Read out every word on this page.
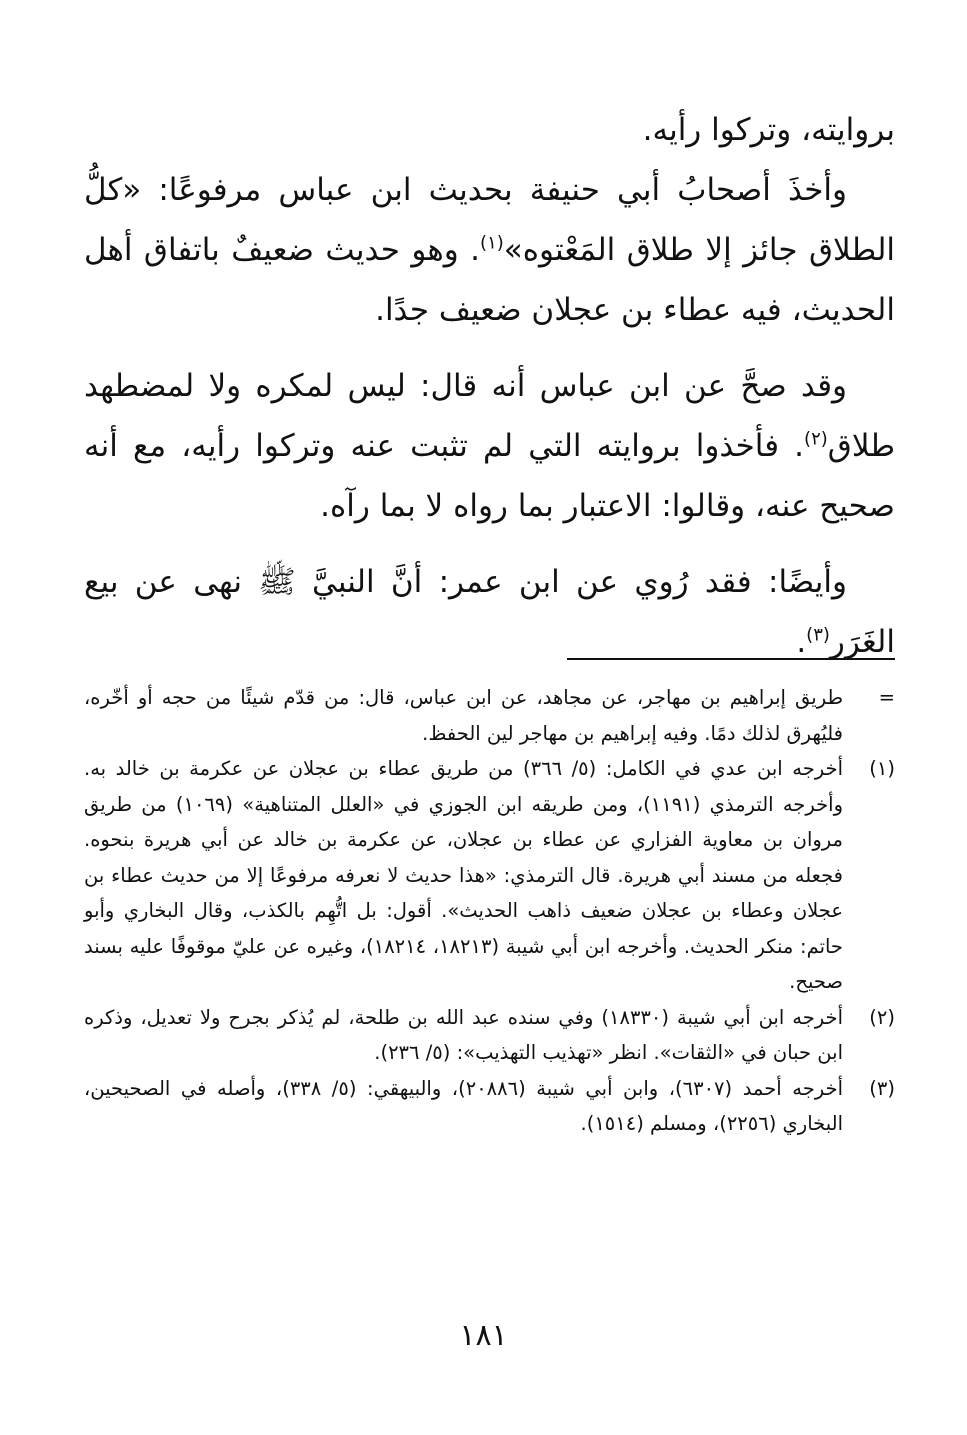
بروايته، وتركوا رأيه.

وأخذَ أصحابُ أبي حنيفة بحديث ابن عباس مرفوعًا: «كلُّ الطلاق جائز إلا طلاق المَعْتوه»$^{(١)}$. وهو حديث ضعيفٌ باتفاق أهل الحديث، فيه عطاء بن عجلان ضعيف جدًا.

وقد صحَّ عن ابن عباس أنه قال: ليس لمكره ولا لمضطهد طلاق$^{(٢)}$. فأخذوا بروايته التي لم تثبت عنه وتركوا رأيه، مع أنه صحيح عنه، وقالوا: الاعتبار بما رواه لا بما رآه.

وأيضًا: فقد رُوي عن ابن عمر: أنَّ النبيَّ ﷺ نهى عن بيع الغَرَر$^{(٣)}$.

=
طريق إبراهيم بن مهاجر، عن مجاهد، عن ابن عباس، قال: من قدّم شيئًا من حجه أو أخّره، فليُهرق لذلك دمًا. وفيه إبراهيم بن مهاجر لين الحفظ.
(١)
أخرجه ابن عدي في الكامل: (٥/ ٣٦٦) من طريق عطاء بن عجلان عن عكرمة بن خالد به. وأخرجه الترمذي (١١٩١)، ومن طريقه ابن الجوزي في «العلل المتناهية» (١٠٦٩) من طريق مروان بن معاوية الفزاري عن عطاء بن عجلان، عن عكرمة بن خالد عن أبي هريرة بنحوه. فجعله من مسند أبي هريرة. قال الترمذي: «هذا حديث لا نعرفه مرفوعًا إلا من حديث عطاء بن عجلان وعطاء بن عجلان ضعيف ذاهب الحديث». أقول: بل اتُّهِم بالكذب، وقال البخاري وأبو حاتم: منكر الحديث. وأخرجه ابن أبي شيبة (١٨٢١٣، ١٨٢١٤)، وغيره عن عليّ موقوفًا عليه بسند صحيح.
(٢)
أخرجه ابن أبي شيبة (١٨٣٣٠) وفي سنده عبد الله بن طلحة، لم يُذكر بجرح ولا تعديل، وذكره ابن حبان في «الثقات». انظر «تهذيب التهذيب»: (٥/ ٢٣٦).
(٣)
أخرجه أحمد (٦٣٠٧)، وابن أبي شيبة (٢٠٨٨٦)، والبيهقي: (٥/ ٣٣٨)، وأصله في الصحيحين، البخاري (٢٢٥٦)، ومسلم (١٥١٤).
١٨١
